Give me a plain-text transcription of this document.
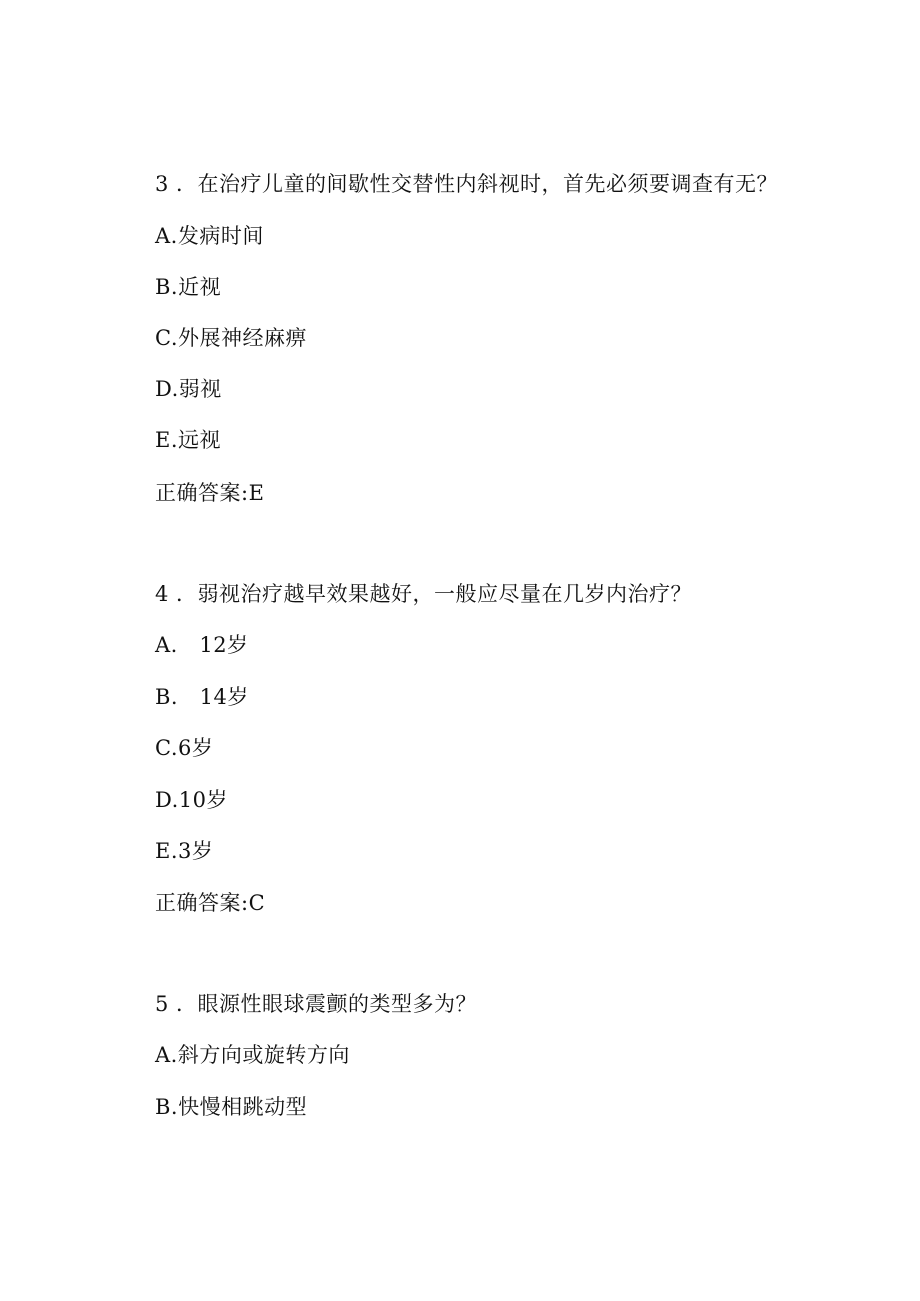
3 ．在治疗儿童的间歇性交替性内斜视时，首先必须要调查有无？
A.发病时间
B.近视
C.外展神经麻痹
D.弱视
E.远视
正确答案:E
4 ．弱视治疗越早效果越好，一般应尽量在几岁内治疗？
A.　12岁
B.　14岁
C.6岁
D.10岁
E.3岁
正确答案:C
5 ．眼源性眼球震颤的类型多为？
A.斜方向或旋转方向
B.快慢相跳动型
